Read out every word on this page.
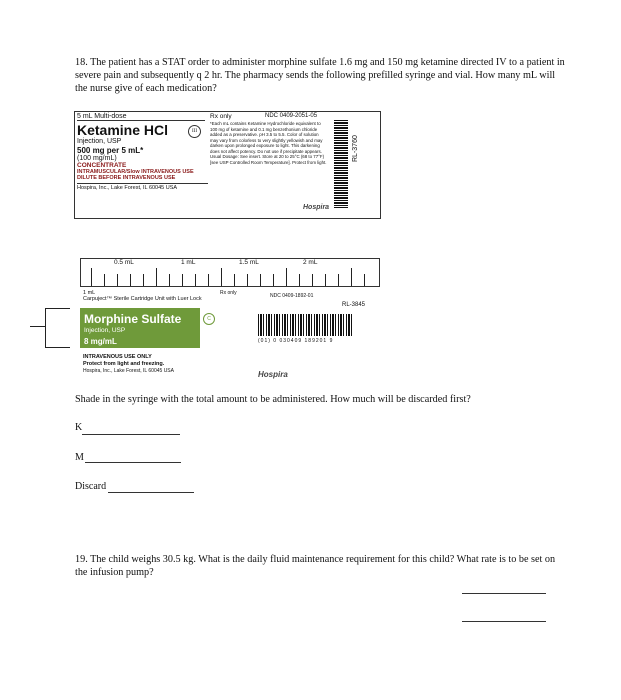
18. The patient has a STAT order to administer morphine sulfate 1.6 mg and 150 mg ketamine directed IV to a patient in severe pain and subsequently q 2 hr. The pharmacy sends the following prefilled syringe and vial. How many mL will the nurse give of each medication?
5 mL Multi-dose
Ketamine HCl
Injection, USP
500 mg per 5 mL*
(100 mg/mL)
CONCENTRATE
INTRAMUSCULAR/Slow INTRAVENOUS USE
DILUTE BEFORE INTRAVENOUS USE
Hospira, Inc., Lake Forest, IL 60045 USA
III
Rx only	NDC 0409-2051-05
*Each mL contains Ketamine Hydrochloride equivalent to 100 mg of ketamine and 0.1 mg benzethonium chloride added as a preservative. pH 3.5 to 5.5. Color of solution may vary from colorless to very slightly yellowish and may darken upon prolonged exposure to light. This darkening does not affect potency. Do not use if precipitate appears. Usual Dosage: See insert. Store at 20 to 25°C (68 to 77°F) [see USP Controlled Room Temperature]. Protect from light.	RL-3760
Hospira
0.5 mL	1 mL	1.5 mL	2 mL
1 mL
Carpuject™ Sterile Cartridge Unit with Luer Lock
Rx only	NDC 0409-1892-01
RL-3845
Morphine Sulfate
Injection, USP
8 mg/mL
C
(01) 0 030409 189201 9
INTRAVENOUS USE ONLY
Protect from light and freezing.
Hospira, Inc., Lake Forest, IL 60045 USA	Hospira
Shade in the syringe with the total amount to be administered. How much will be discarded first?
K
M
Discard
19. The child weighs 30.5 kg. What is the daily fluid maintenance requirement for this child? What rate is to be set on the infusion pump?
